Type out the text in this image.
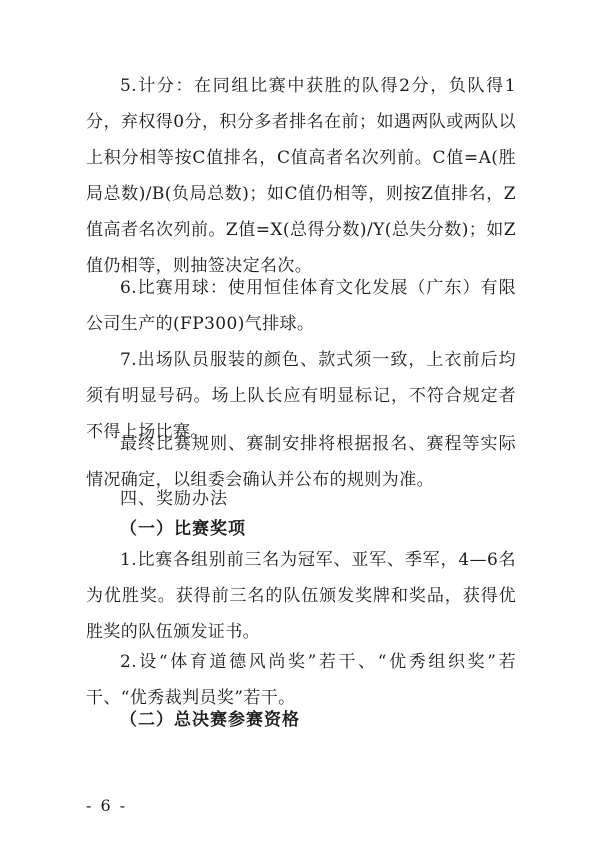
5.计分：在同组比赛中获胜的队得2分，负队得1分，弃权得0分，积分多者排名在前；如遇两队或两队以上积分相等按C值排名，C值高者名次列前。C值=A(胜局总数)/B(负局总数)；如C值仍相等，则按Z值排名，Z值高者名次列前。Z值=X(总得分数)/Y(总失分数)；如Z值仍相等，则抽签决定名次。

6.比赛用球：使用恒佳体育文化发展（广东）有限公司生产的(FP300)气排球。

7.出场队员服装的颜色、款式须一致，上衣前后均须有明显号码。场上队长应有明显标记，不符合规定者不得上场比赛。

最终比赛规则、赛制安排将根据报名、赛程等实际情况确定，以组委会确认并公布的规则为准。

四、奖励办法

（一）比赛奖项

1.比赛各组别前三名为冠军、亚军、季军，4—6名为优胜奖。获得前三名的队伍颁发奖牌和奖品，获得优胜奖的队伍颁发证书。

2.设“体育道德风尚奖”若干、“优秀组织奖”若干、“优秀裁判员奖”若干。

（二）总决赛参赛资格

- 6 -
